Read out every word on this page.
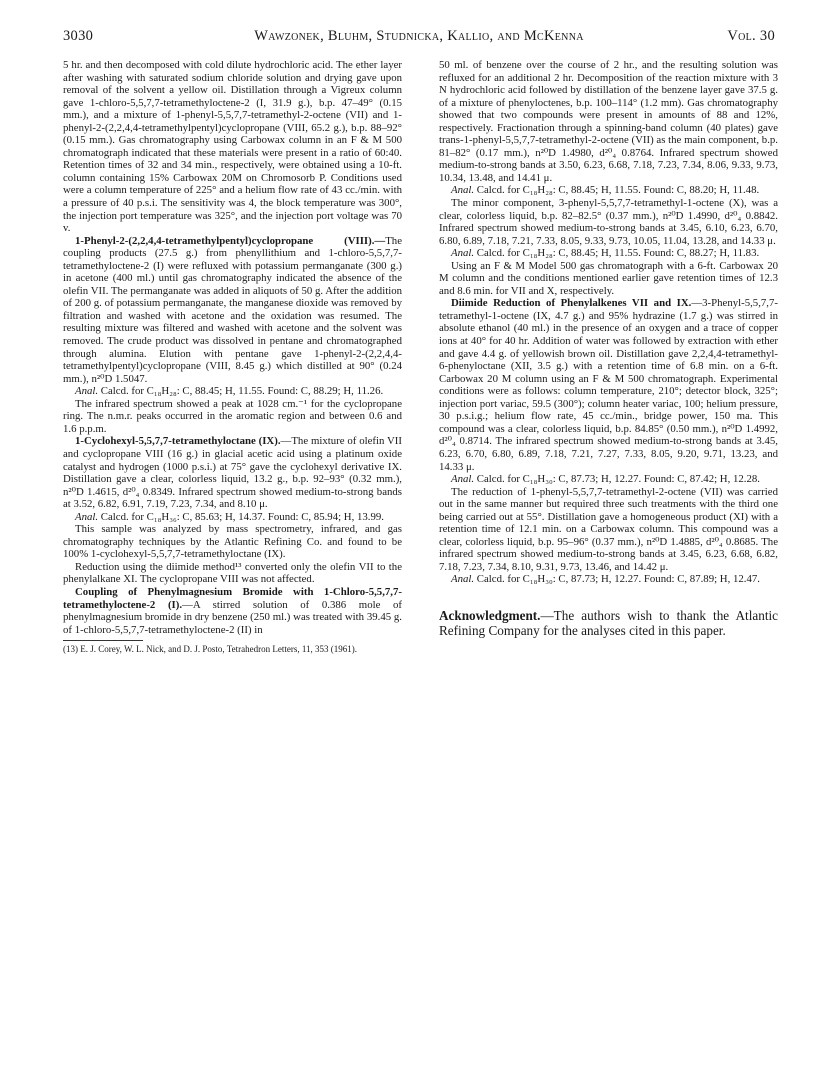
3030	Wawzonek, Bluhm, Studnicka, Kallio, and McKenna	Vol. 30

5 hr. and then decomposed with cold dilute hydrochloric acid. The ether layer after washing with saturated sodium chloride solution and drying gave upon removal of the solvent a yellow oil. Distillation through a Vigreux column gave 1-chloro-5,5,7,7-tetramethyloctene-2 (I, 31.9 g.), b.p. 47–49° (0.15 mm.), and a mixture of 1-phenyl-5,5,7,7-tetramethyl-2-octene (VII) and 1-phenyl-2-(2,2,4,4-tetramethylpentyl)cyclopropane (VIII, 65.2 g.), b.p. 88–92° (0.15 mm.). Gas chromatography using Carbowax column in an F & M 500 chromatograph indicated that these materials were present in a ratio of 60:40. Retention times of 32 and 34 min., respectively, were obtained using a 10-ft. column containing 15% Carbowax 20M on Chromosorb P. Conditions used were a column temperature of 225° and a helium flow rate of 43 cc./min. with a pressure of 40 p.s.i. The sensitivity was 4, the block temperature was 300°, the injection port temperature was 325°, and the injection port voltage was 70 v.

1-Phenyl-2-(2,2,4,4-tetramethylpentyl)cyclopropane (VIII).—The coupling products (27.5 g.) from phenyllithium and 1-chloro-5,5,7,7-tetramethyloctene-2 (I) were refluxed with potassium permanganate (300 g.) in acetone (400 ml.) until gas chromatography indicated the absence of the olefin VII. The permanganate was added in aliquots of 50 g. After the addition of 200 g. of potassium permanganate, the manganese dioxide was removed by filtration and washed with acetone and the oxidation was resumed. The resulting mixture was filtered and washed with acetone and the solvent was removed. The crude product was dissolved in pentane and chromatographed through alumina. Elution with pentane gave 1-phenyl-2-(2,2,4,4-tetramethylpentyl)cyclopropane (VIII, 8.45 g.) which distilled at 90° (0.24 mm.), n²⁰D 1.5047.

Anal. Calcd. for C₁₈H₂₈: C, 88.45; H, 11.55. Found: C, 88.29; H, 11.26.

The infrared spectrum showed a peak at 1028 cm.⁻¹ for the cyclopropane ring. The n.m.r. peaks occurred in the aromatic region and between 0.6 and 1.6 p.p.m.

1-Cyclohexyl-5,5,7,7-tetramethyloctane (IX).—The mixture of olefin VII and cyclopropane VIII (16 g.) in glacial acetic acid using a platinum oxide catalyst and hydrogen (1000 p.s.i.) at 75° gave the cyclohexyl derivative IX. Distillation gave a clear, colorless liquid, 13.2 g., b.p. 92–93° (0.32 mm.), n²⁰D 1.4615, d²⁰₄ 0.8349. Infrared spectrum showed medium-to-strong bands at 3.52, 6.82, 6.91, 7.19, 7.23, 7.34, and 8.10 μ.

Anal. Calcd. for C₁₈H₃₆: C, 85.63; H, 14.37. Found: C, 85.94; H, 13.99.

This sample was analyzed by mass spectrometry, infrared, and gas chromatography techniques by the Atlantic Refining Co. and found to be 100% 1-cyclohexyl-5,5,7,7-tetramethyloctane (IX).

Reduction using the diimide method¹³ converted only the olefin VII to the phenylalkane XI. The cyclopropane VIII was not affected.

Coupling of Phenylmagnesium Bromide with 1-Chloro-5,5,7,7-tetramethyloctene-2 (I).—A stirred solution of 0.386 mole of phenylmagnesium bromide in dry benzene (250 ml.) was treated with 39.45 g. of 1-chloro-5,5,7,7-tetramethyloctene-2 (II) in

(13) E. J. Corey, W. L. Nick, and D. J. Posto, Tetrahedron Letters, 11, 353 (1961).

50 ml. of benzene over the course of 2 hr., and the resulting solution was refluxed for an additional 2 hr. Decomposition of the reaction mixture with 3 N hydrochloric acid followed by distillation of the benzene layer gave 37.5 g. of a mixture of phenyloctenes, b.p. 100–114° (1.2 mm). Gas chromatography showed that two compounds were present in amounts of 88 and 12%, respectively. Fractionation through a spinning-band column (40 plates) gave trans-1-phenyl-5,5,7,7-tetramethyl-2-octene (VII) as the main component, b.p. 81–82° (0.17 mm.), n²⁰D 1.4980, d²⁰₄ 0.8764. Infrared spectrum showed medium-to-strong bands at 3.50, 6.23, 6.68, 7.18, 7.23, 7.34, 8.06, 9.33, 9.73, 10.34, 13.48, and 14.41 μ.

Anal. Calcd. for C₁₈H₂₈: C, 88.45; H, 11.55. Found: C, 88.20; H, 11.48.

The minor component, 3-phenyl-5,5,7,7-tetramethyl-1-octene (X), was a clear, colorless liquid, b.p. 82–82.5° (0.37 mm.), n²⁰D 1.4990, d²⁰₄ 0.8842. Infrared spectrum showed medium-to-strong bands at 3.45, 6.10, 6.23, 6.70, 6.80, 6.89, 7.18, 7.21, 7.33, 8.05, 9.33, 9.73, 10.05, 11.04, 13.28, and 14.33 μ.

Anal. Calcd. for C₁₈H₂₈: C, 88.45; H, 11.55. Found: C, 88.27; H, 11.83.

Using an F & M Model 500 gas chromatograph with a 6-ft. Carbowax 20 M column and the conditions mentioned earlier gave retention times of 12.3 and 8.6 min. for VII and X, respectively.

Diimide Reduction of Phenylalkenes VII and IX.—3-Phenyl-5,5,7,7-tetramethyl-1-octene (IX, 4.7 g.) and 95% hydrazine (1.7 g.) was stirred in absolute ethanol (40 ml.) in the presence of an oxygen and a trace of copper ions at 40° for 40 hr. Addition of water was followed by extraction with ether and gave 4.4 g. of yellowish brown oil. Distillation gave 2,2,4,4-tetramethyl-6-phenyloctane (XII, 3.5 g.) with a retention time of 6.8 min. on a 6-ft. Carbowax 20 M column using an F & M 500 chromatograph. Experimental conditions were as follows: column temperature, 210°; detector block, 325°; injection port variac, 59.5 (300°); column heater variac, 100; helium pressure, 30 p.s.i.g.; helium flow rate, 45 cc./min., bridge power, 150 ma. This compound was a clear, colorless liquid, b.p. 84.85° (0.50 mm.), n²⁰D 1.4992, d²⁰₄ 0.8714. The infrared spectrum showed medium-to-strong bands at 3.45, 6.23, 6.70, 6.80, 6.89, 7.18, 7.21, 7.27, 7.33, 8.05, 9.20, 9.71, 13.23, and 14.33 μ.

Anal. Calcd. for C₁₈H₃₀: C, 87.73; H, 12.27. Found: C, 87.42; H, 12.28.

The reduction of 1-phenyl-5,5,7,7-tetramethyl-2-octene (VII) was carried out in the same manner but required three such treatments with the third one being carried out at 55°. Distillation gave a homogeneous product (XI) with a retention time of 12.1 min. on a Carbowax column. This compound was a clear, colorless liquid, b.p. 95–96° (0.37 mm.), n²⁰D 1.4885, d²⁰₄ 0.8685. The infrared spectrum showed medium-to-strong bands at 3.45, 6.23, 6.68, 6.82, 7.18, 7.23, 7.34, 8.10, 9.31, 9.73, 13.46, and 14.42 μ.

Anal. Calcd. for C₁₈H₃₀: C, 87.73; H, 12.27. Found: C, 87.89; H, 12.47.

Acknowledgment.—The authors wish to thank the Atlantic Refining Company for the analyses cited in this paper.
